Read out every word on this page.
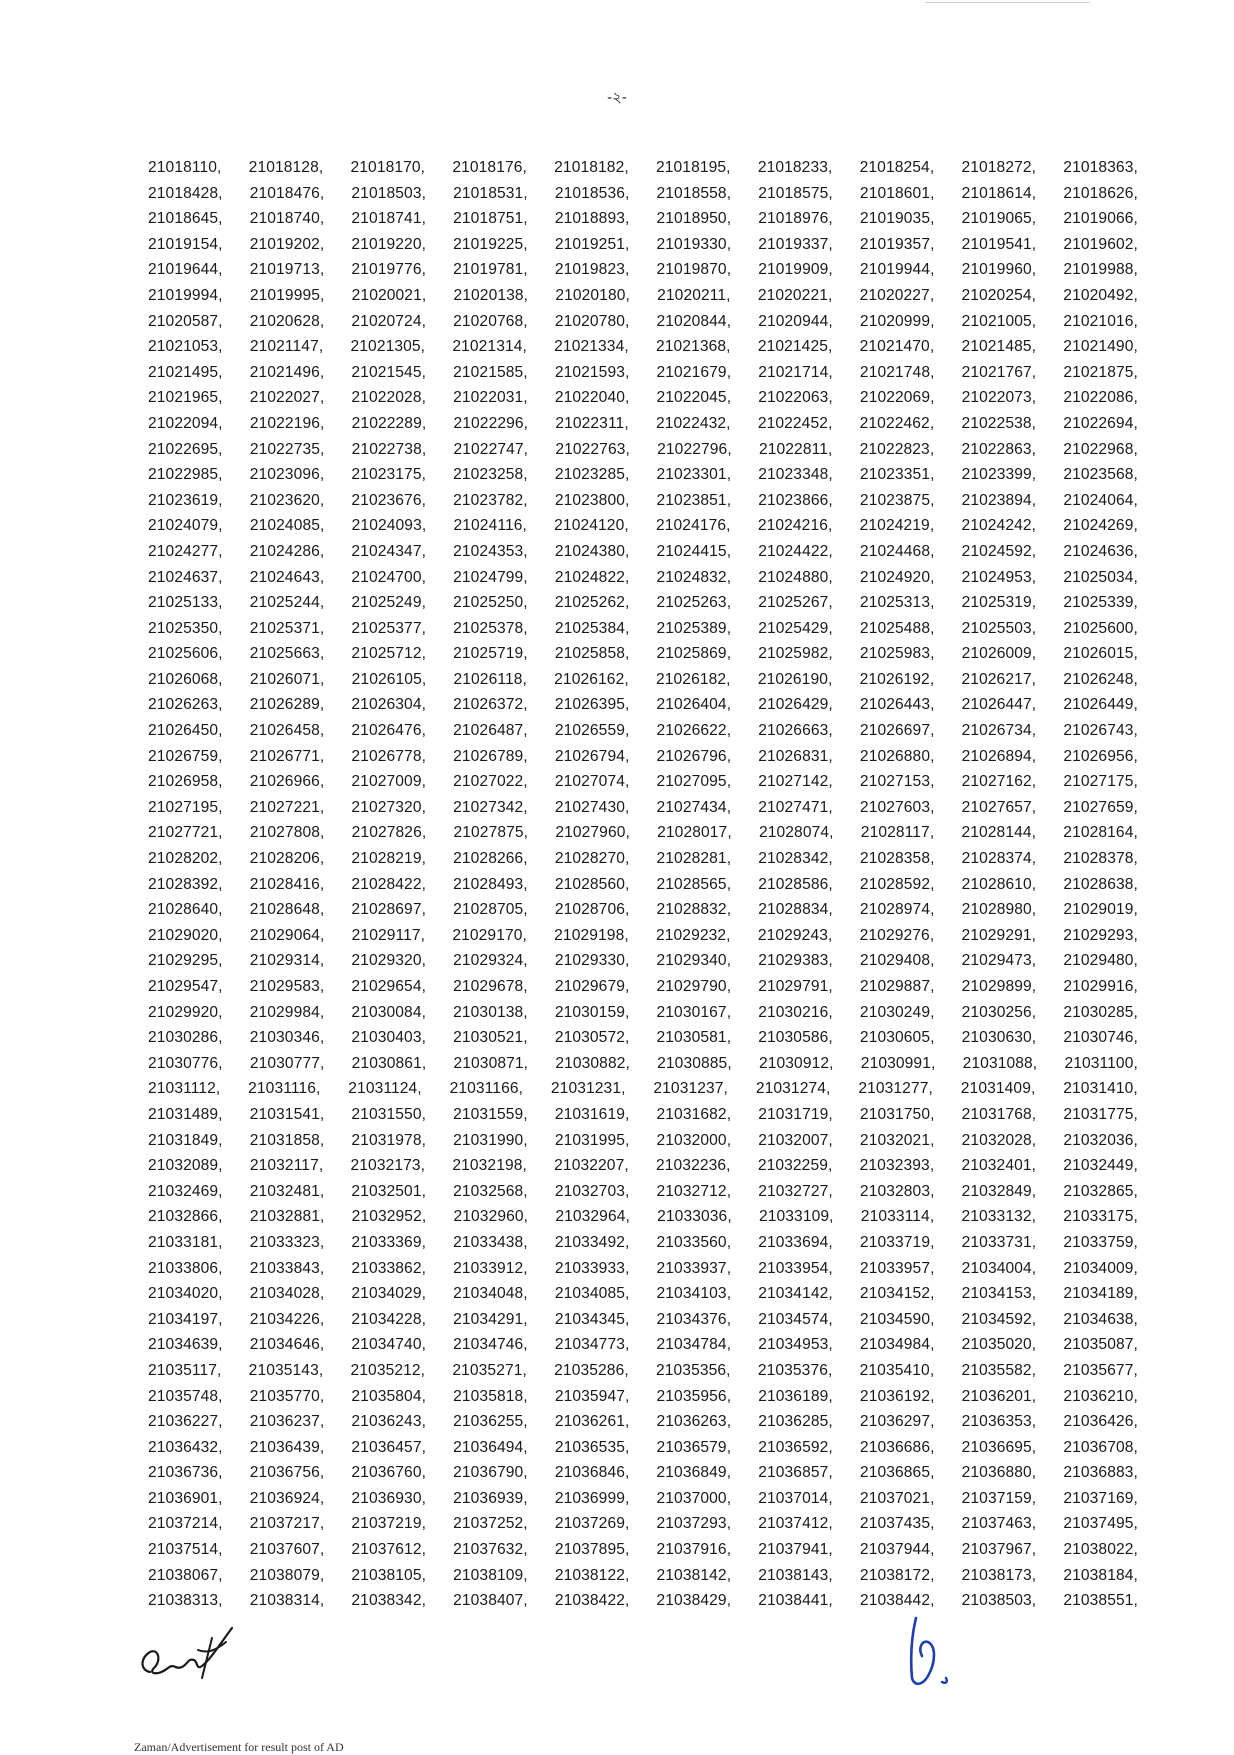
-২-
21018110, 21018128, 21018170, 21018176, 21018182, 21018195, 21018233, 21018254, 21018272, 21018363,
21018428, 21018476, 21018503, 21018531, 21018536, 21018558, 21018575, 21018601, 21018614, 21018626,
21018645, 21018740, 21018741, 21018751, 21018893, 21018950, 21018976, 21019035, 21019065, 21019066,
21019154, 21019202, 21019220, 21019225, 21019251, 21019330, 21019337, 21019357, 21019541, 21019602,
21019644, 21019713, 21019776, 21019781, 21019823, 21019870, 21019909, 21019944, 21019960, 21019988,
21019994, 21019995, 21020021, 21020138, 21020180, 21020211, 21020221, 21020227, 21020254, 21020492,
21020587, 21020628, 21020724, 21020768, 21020780, 21020844, 21020944, 21020999, 21021005, 21021016,
21021053, 21021147, 21021305, 21021314, 21021334, 21021368, 21021425, 21021470, 21021485, 21021490,
21021495, 21021496, 21021545, 21021585, 21021593, 21021679, 21021714, 21021748, 21021767, 21021875,
21021965, 21022027, 21022028, 21022031, 21022040, 21022045, 21022063, 21022069, 21022073, 21022086,
21022094, 21022196, 21022289, 21022296, 21022311, 21022432, 21022452, 21022462, 21022538, 21022694,
21022695, 21022735, 21022738, 21022747, 21022763, 21022796, 21022811, 21022823, 21022863, 21022968,
21022985, 21023096, 21023175, 21023258, 21023285, 21023301, 21023348, 21023351, 21023399, 21023568,
21023619, 21023620, 21023676, 21023782, 21023800, 21023851, 21023866, 21023875, 21023894, 21024064,
21024079, 21024085, 21024093, 21024116, 21024120, 21024176, 21024216, 21024219, 21024242, 21024269,
21024277, 21024286, 21024347, 21024353, 21024380, 21024415, 21024422, 21024468, 21024592, 21024636,
21024637, 21024643, 21024700, 21024799, 21024822, 21024832, 21024880, 21024920, 21024953, 21025034,
21025133, 21025244, 21025249, 21025250, 21025262, 21025263, 21025267, 21025313, 21025319, 21025339,
21025350, 21025371, 21025377, 21025378, 21025384, 21025389, 21025429, 21025488, 21025503, 21025600,
21025606, 21025663, 21025712, 21025719, 21025858, 21025869, 21025982, 21025983, 21026009, 21026015,
21026068, 21026071, 21026105, 21026118, 21026162, 21026182, 21026190, 21026192, 21026217, 21026248,
21026263, 21026289, 21026304, 21026372, 21026395, 21026404, 21026429, 21026443, 21026447, 21026449,
21026450, 21026458, 21026476, 21026487, 21026559, 21026622, 21026663, 21026697, 21026734, 21026743,
21026759, 21026771, 21026778, 21026789, 21026794, 21026796, 21026831, 21026880, 21026894, 21026956,
21026958, 21026966, 21027009, 21027022, 21027074, 21027095, 21027142, 21027153, 21027162, 21027175,
21027195, 21027221, 21027320, 21027342, 21027430, 21027434, 21027471, 21027603, 21027657, 21027659,
21027721, 21027808, 21027826, 21027875, 21027960, 21028017, 21028074, 21028117, 21028144, 21028164,
21028202, 21028206, 21028219, 21028266, 21028270, 21028281, 21028342, 21028358, 21028374, 21028378,
21028392, 21028416, 21028422, 21028493, 21028560, 21028565, 21028586, 21028592, 21028610, 21028638,
21028640, 21028648, 21028697, 21028705, 21028706, 21028832, 21028834, 21028974, 21028980, 21029019,
21029020, 21029064, 21029117, 21029170, 21029198, 21029232, 21029243, 21029276, 21029291, 21029293,
21029295, 21029314, 21029320, 21029324, 21029330, 21029340, 21029383, 21029408, 21029473, 21029480,
21029547, 21029583, 21029654, 21029678, 21029679, 21029790, 21029791, 21029887, 21029899, 21029916,
21029920, 21029984, 21030084, 21030138, 21030159, 21030167, 21030216, 21030249, 21030256, 21030285,
21030286, 21030346, 21030403, 21030521, 21030572, 21030581, 21030586, 21030605, 21030630, 21030746,
21030776, 21030777, 21030861, 21030871, 21030882, 21030885, 21030912, 21030991, 21031088, 21031100,
21031112, 21031116, 21031124, 21031166, 21031231, 21031237, 21031274, 21031277, 21031409, 21031410,
21031489, 21031541, 21031550, 21031559, 21031619, 21031682, 21031719, 21031750, 21031768, 21031775,
21031849, 21031858, 21031978, 21031990, 21031995, 21032000, 21032007, 21032021, 21032028, 21032036,
21032089, 21032117, 21032173, 21032198, 21032207, 21032236, 21032259, 21032393, 21032401, 21032449,
21032469, 21032481, 21032501, 21032568, 21032703, 21032712, 21032727, 21032803, 21032849, 21032865,
21032866, 21032881, 21032952, 21032960, 21032964, 21033036, 21033109, 21033114, 21033132, 21033175,
21033181, 21033323, 21033369, 21033438, 21033492, 21033560, 21033694, 21033719, 21033731, 21033759,
21033806, 21033843, 21033862, 21033912, 21033933, 21033937, 21033954, 21033957, 21034004, 21034009,
21034020, 21034028, 21034029, 21034048, 21034085, 21034103, 21034142, 21034152, 21034153, 21034189,
21034197, 21034226, 21034228, 21034291, 21034345, 21034376, 21034574, 21034590, 21034592, 21034638,
21034639, 21034646, 21034740, 21034746, 21034773, 21034784, 21034953, 21034984, 21035020, 21035087,
21035117, 21035143, 21035212, 21035271, 21035286, 21035356, 21035376, 21035410, 21035582, 21035677,
21035748, 21035770, 21035804, 21035818, 21035947, 21035956, 21036189, 21036192, 21036201, 21036210,
21036227, 21036237, 21036243, 21036255, 21036261, 21036263, 21036285, 21036297, 21036353, 21036426,
21036432, 21036439, 21036457, 21036494, 21036535, 21036579, 21036592, 21036686, 21036695, 21036708,
21036736, 21036756, 21036760, 21036790, 21036846, 21036849, 21036857, 21036865, 21036880, 21036883,
21036901, 21036924, 21036930, 21036939, 21036999, 21037000, 21037014, 21037021, 21037159, 21037169,
21037214, 21037217, 21037219, 21037252, 21037269, 21037293, 21037412, 21037435, 21037463, 21037495,
21037514, 21037607, 21037612, 21037632, 21037895, 21037916, 21037941, 21037944, 21037967, 21038022,
21038067, 21038079, 21038105, 21038109, 21038122, 21038142, 21038143, 21038172, 21038173, 21038184,
21038313, 21038314, 21038342, 21038407, 21038422, 21038429, 21038441, 21038442, 21038503, 21038551,
Zaman/Advertisement for result post of AD
